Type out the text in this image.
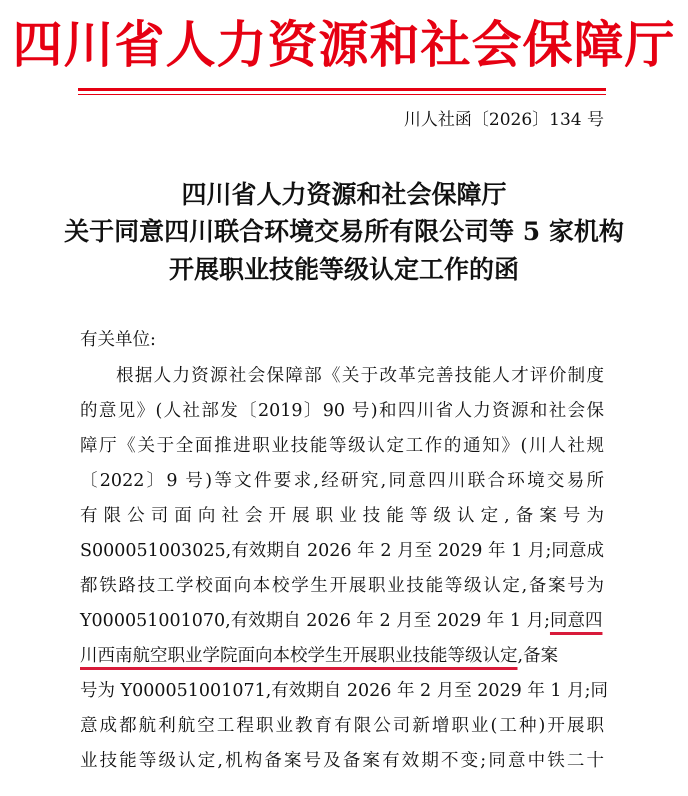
四川省人力资源和社会保障厅
川人社函〔2026〕134 号
四川省人力资源和社会保障厅
关于同意四川联合环境交易所有限公司等 5 家机构
开展职业技能等级认定工作的函
有关单位:
根据人力资源社会保障部《关于改革完善技能人才评价制度
的意见》(人社部发〔2019〕90 号)和四川省人力资源和社会保
障厅《关于全面推进职业技能等级认定工作的通知》(川人社规
〔2022〕9 号)等文件要求,经研究,同意四川联合环境交易所
有限公司面向社会开展职业技能等级认定,备案号为
S000051003025,有效期自 2026 年 2 月至 2029 年 1 月;同意成
都铁路技工学校面向本校学生开展职业技能等级认定,备案号为
Y000051001070,有效期自 2026 年 2 月至 2029 年 1 月;同意四
川西南航空职业学院面向本校学生开展职业技能等级认定,备案
号为 Y000051001071,有效期自 2026 年 2 月至 2029 年 1 月;同
意成都航利航空工程职业教育有限公司新增职业(工种)开展职
业技能等级认定,机构备案号及备案有效期不变;同意中铁二十
